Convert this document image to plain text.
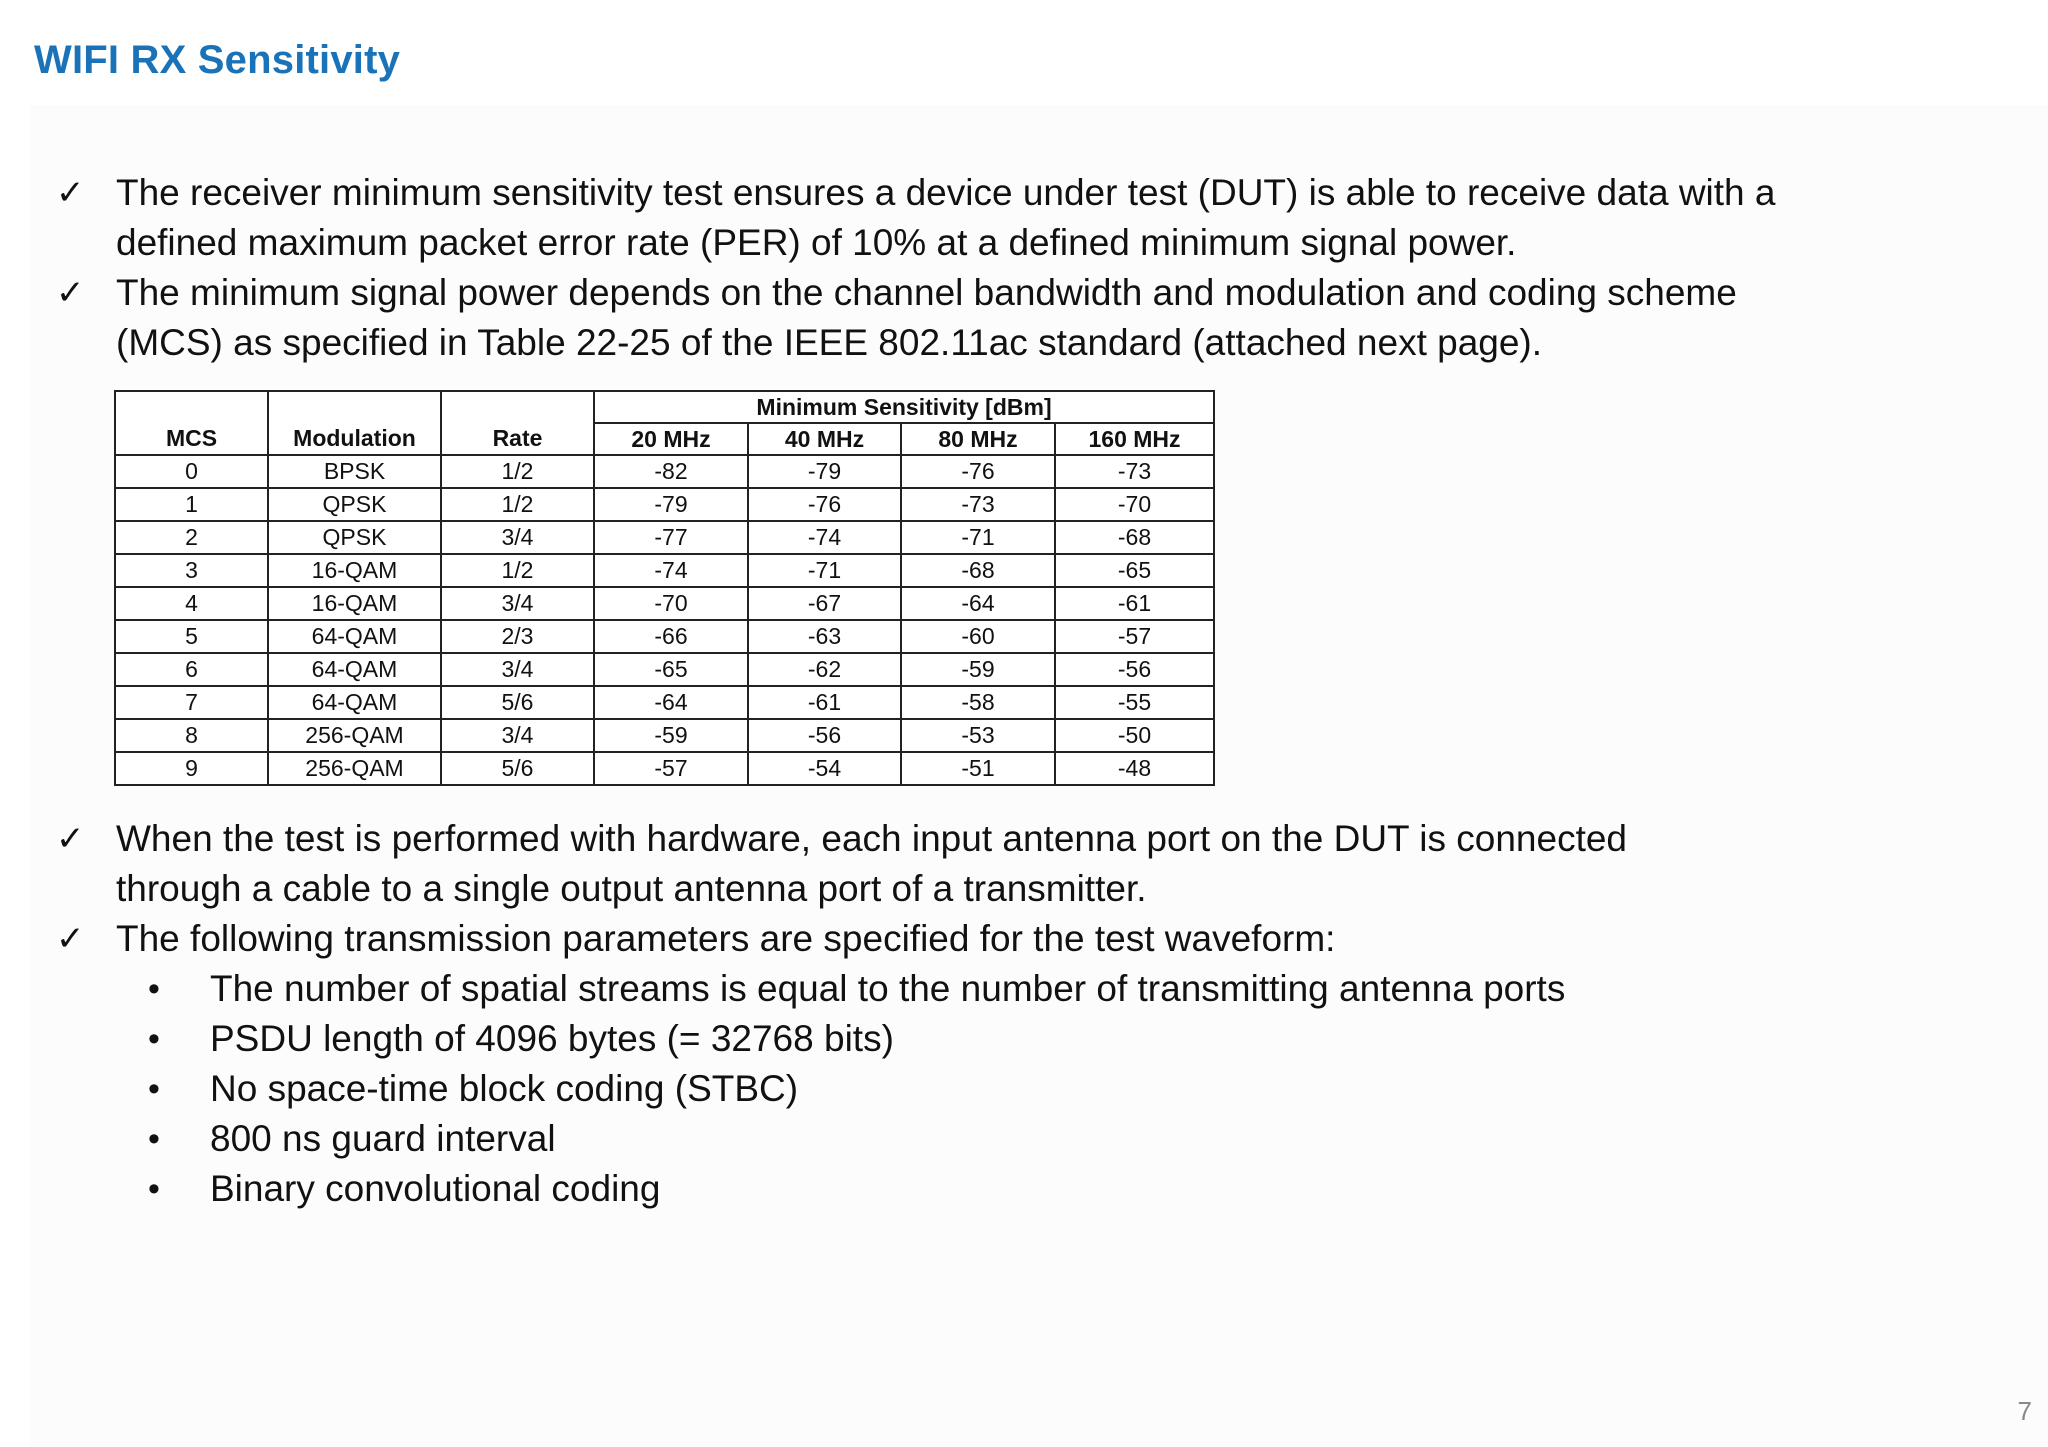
WIFI RX Sensitivity
✓ The receiver minimum sensitivity test ensures a device under test (DUT) is able to receive data with a
defined maximum packet error rate (PER) of 10% at a defined minimum signal power.
✓ The minimum signal power depends on the channel bandwidth and modulation and coding scheme
(MCS) as specified in Table 22-25 of the IEEE 802.11ac standard (attached next page).
MCS	Modulation	Rate	Minimum Sensitivity [dBm]			
			20 MHz	40 MHz	80 MHz	160 MHz
0	BPSK	1/2	-82	-79	-76	-73
1	QPSK	1/2	-79	-76	-73	-70
2	QPSK	3/4	-77	-74	-71	-68
3	16-QAM	1/2	-74	-71	-68	-65
4	16-QAM	3/4	-70	-67	-64	-61
5	64-QAM	2/3	-66	-63	-60	-57
6	64-QAM	3/4	-65	-62	-59	-56
7	64-QAM	5/6	-64	-61	-58	-55
8	256-QAM	3/4	-59	-56	-53	-50
9	256-QAM	5/6	-57	-54	-51	-48
✓ When the test is performed with hardware, each input antenna port on the DUT is connected
through a cable to a single output antenna port of a transmitter.
✓ The following transmission parameters are specified for the test waveform:
• The number of spatial streams is equal to the number of transmitting antenna ports
• PSDU length of 4096 bytes (= 32768 bits)
• No space-time block coding (STBC)
• 800 ns guard interval
• Binary convolutional coding
7
